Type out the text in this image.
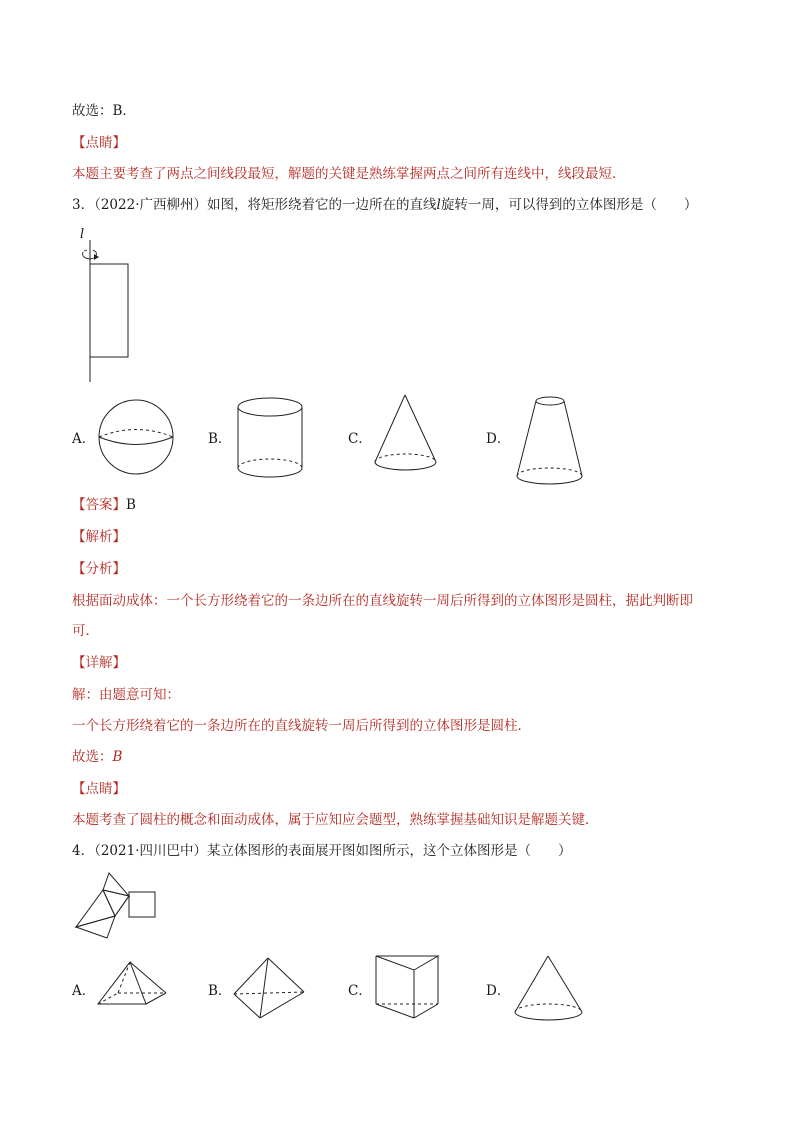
故选：B．
【点睛】
本题主要考查了两点之间线段最短，解题的关键是熟练掌握两点之间所有连线中，线段最短．
3．（2022·广西柳州）如图，将矩形绕着它的一边所在的直线l旋转一周，可以得到的立体图形是（　　）
l
A．	B．	C．	D．
【答案】B
【解析】
【分析】
根据面动成体：一个长方形绕着它的一条边所在的直线旋转一周后所得到的立体图形是圆柱，据此判断即
可．
【详解】
解：由题意可知：
一个长方形绕着它的一条边所在的直线旋转一周后所得到的立体图形是圆柱．
故选：B
【点睛】
本题考查了圆柱的概念和面动成体，属于应知应会题型，熟练掌握基础知识是解题关键．
4．（2021·四川巴中）某立体图形的表面展开图如图所示，这个立体图形是（　　）
A．	B．	C．	D．
